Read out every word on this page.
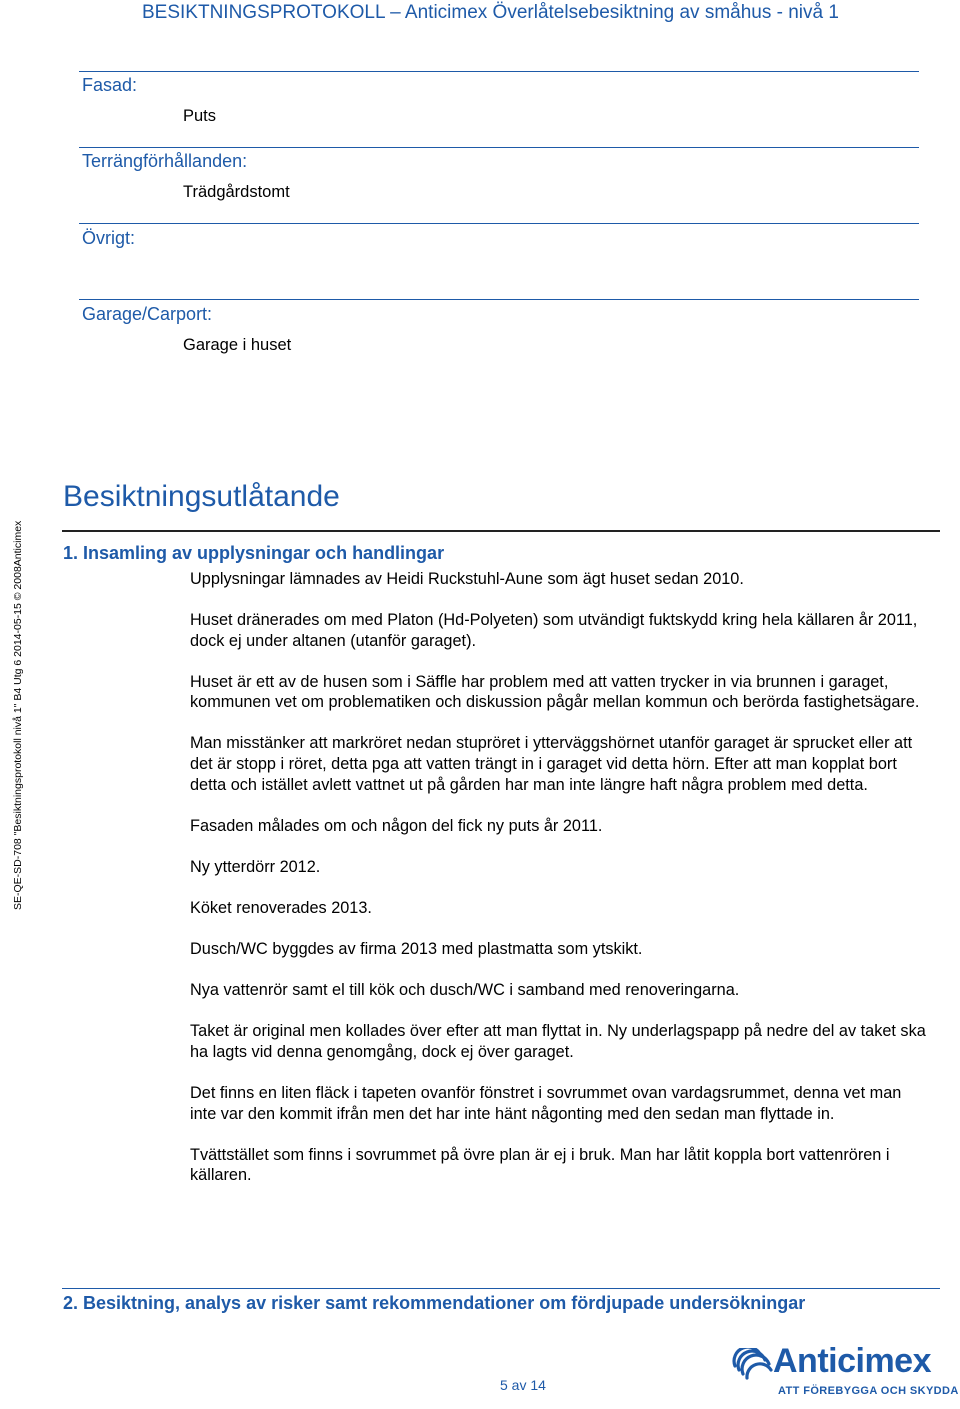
BESIKTNINGSPROTOKOLL – Anticimex Överlåtelsebesiktning av småhus - nivå 1
SE-QE-SD-708 "Besiktningsprotokoll nivå 1" B4 Utg 6 2014-05-15 © 2008Anticimex
Fasad:
Puts
Terrängförhållanden:
Trädgårdstomt
Övrigt:
Garage/Carport:
Garage i huset
Besiktningsutlåtande
1. Insamling av upplysningar och handlingar

Upplysningar lämnades av Heidi Ruckstuhl-Aune som ägt huset sedan 2010.

Huset dränerades om med Platon (Hd-Polyeten) som utvändigt fuktskydd kring hela källaren år 2011, dock ej under altanen (utanför garaget).

Huset är ett av de husen som i Säffle har problem med att vatten trycker in via brunnen i garaget, kommunen vet om problematiken och diskussion pågår mellan kommun och berörda fastighetsägare.

Man misstänker att markröret nedan stupröret i ytterväggshörnet utanför garaget är sprucket eller att det är stopp i röret, detta pga att vatten trängt in i garaget vid detta hörn. Efter att man kopplat bort detta och istället avlett vattnet ut på gården har man inte längre haft några problem med detta.

Fasaden målades om och någon del fick ny puts år 2011.

Ny ytterdörr 2012.

Köket renoverades 2013.

Dusch/WC byggdes av firma 2013 med plastmatta som ytskikt.

Nya vattenrör samt el till kök och dusch/WC i samband med renoveringarna.

Taket är original men kollades över efter att man flyttat in. Ny underlagspapp på nedre del av taket ska ha lagts vid denna genomgång, dock ej över garaget.

Det finns en liten fläck i tapeten ovanför fönstret i sovrummet ovan vardagsrummet, denna vet man inte var den kommit ifrån men det har inte hänt någonting med den sedan man flyttade in.

Tvättstället som finns i sovrummet på övre plan är ej i bruk. Man har låtit koppla bort vattenrören i källaren.

2. Besiktning, analys av risker samt rekommendationer om fördjupade undersökningar
5 av 14
Anticimex
ATT FÖREBYGGA OCH SKYDDA
